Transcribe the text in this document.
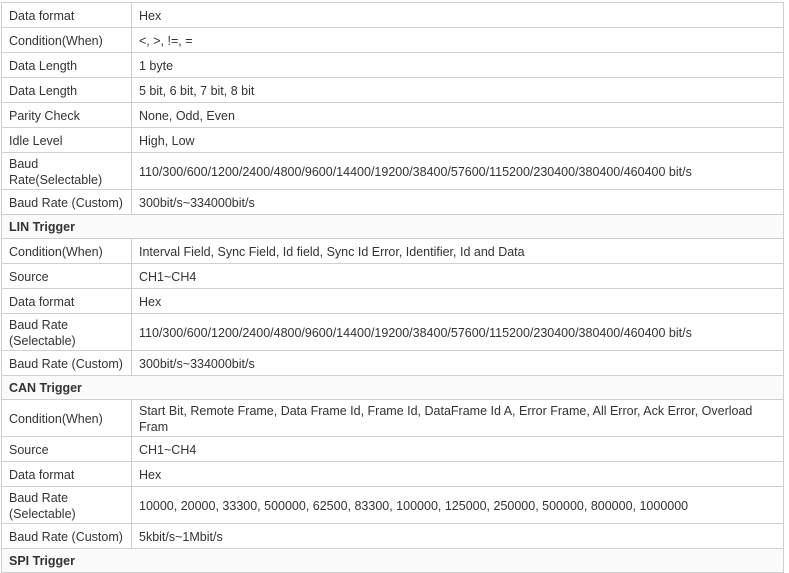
Data format	Hex
Condition(When)	<, >, !=, =
Data Length	1 byte
Data Length	5 bit, 6 bit, 7 bit, 8 bit
Parity Check	None, Odd, Even
Idle Level	High, Low
Baud Rate(Selectable)	110/300/600/1200/2400/4800/9600/14400/19200/38400/57600/115200/230400/380400/460400 bit/s
Baud Rate (Custom)	300bit/s~334000bit/s
LIN Trigger	
Condition(When)	Interval Field, Sync Field, Id field, Sync Id Error, Identifier, Id and Data
Source	CH1~CH4
Data format	Hex
Baud Rate (Selectable)	110/300/600/1200/2400/4800/9600/14400/19200/38400/57600/115200/230400/380400/460400 bit/s
Baud Rate (Custom)	300bit/s~334000bit/s
CAN Trigger	
Condition(When)	Start Bit, Remote Frame, Data Frame Id, Frame Id, DataFrame Id A, Error Frame, All Error, Ack Error, Overload Fram
Source	CH1~CH4
Data format	Hex
Baud Rate (Selectable)	10000, 20000, 33300, 500000, 62500, 83300, 100000, 125000, 250000, 500000, 800000, 1000000
Baud Rate (Custom)	5kbit/s~1Mbit/s
SPI Trigger	
